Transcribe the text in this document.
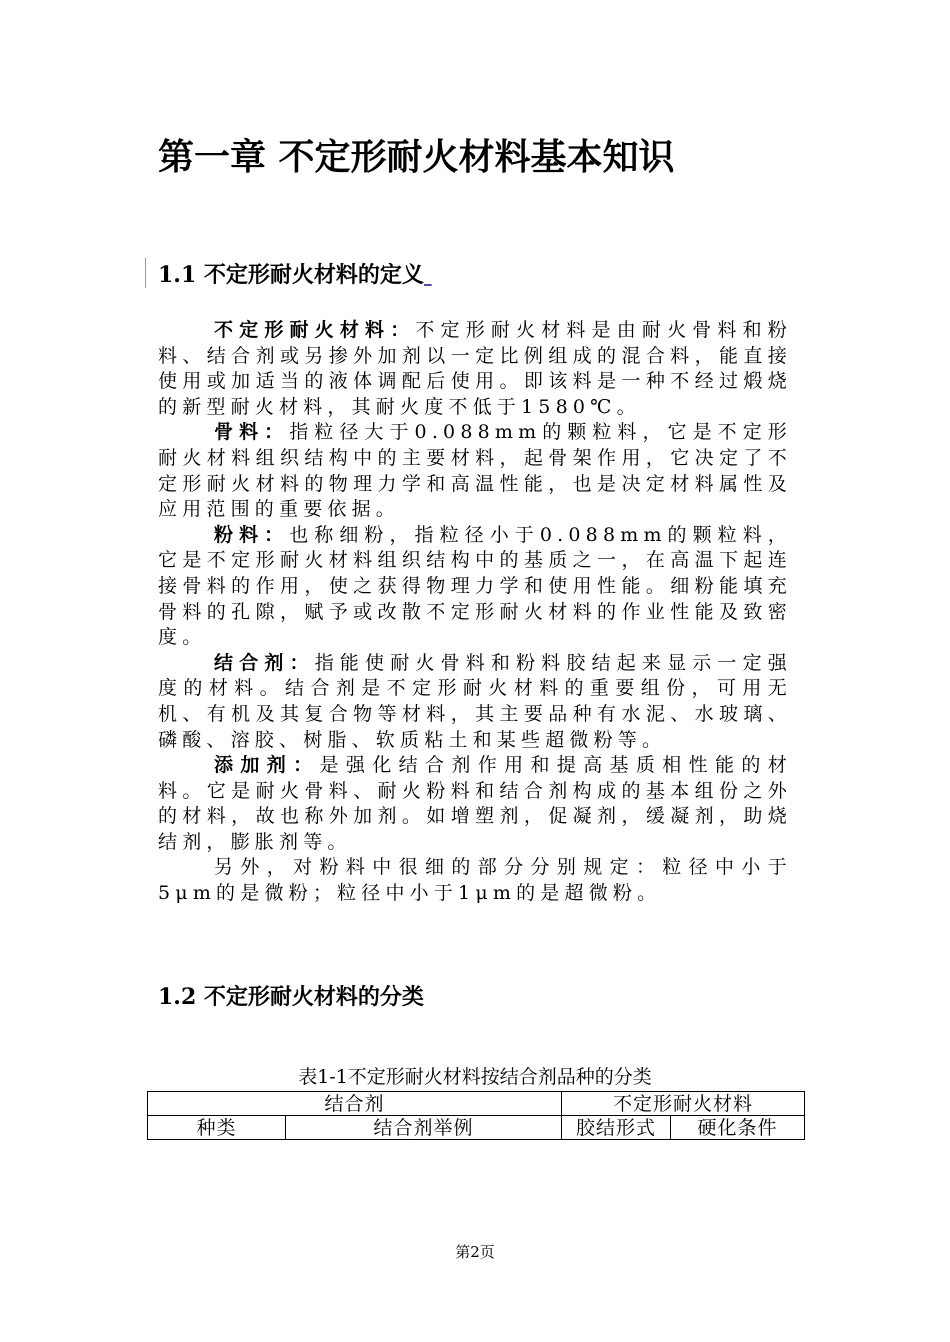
第一章 不定形耐火材料基本知识
1.1 不定形耐火材料的定义

不定形耐火材料：不定形耐火材料是由耐火骨料和粉料、结合剂或另掺外加剂以一定比例组成的混合料，能直接使用或加适当的液体调配后使用。即该料是一种不经过煅烧的新型耐火材料，其耐火度不低于1580℃。

骨料：指粒径大于0.088mm的颗粒料，它是不定形耐火材料组织结构中的主要材料，起骨架作用，它决定了不定形耐火材料的物理力学和高温性能，也是决定材料属性及应用范围的重要依据。

粉料：也称细粉，指粒径小于0.088mm的颗粒料，它是不定形耐火材料组织结构中的基质之一，在高温下起连接骨料的作用，使之获得物理力学和使用性能。细粉能填充骨料的孔隙，赋予或改散不定形耐火材料的作业性能及致密度。

结合剂：指能使耐火骨料和粉料胶结起来显示一定强度的材料。结合剂是不定形耐火材料的重要组份，可用无机、有机及其复合物等材料，其主要品种有水泥、水玻璃、磷酸、溶胶、树脂、软质粘土和某些超微粉等。

添加剂：是强化结合剂作用和提高基质相性能的材料。它是耐火骨料、耐火粉料和结合剂构成的基本组份之外的材料，故也称外加剂。如增塑剂，促凝剂，缓凝剂，助烧结剂，膨胀剂等。

另外，对粉料中很细的部分分别规定：粒径中小于5μm的是微粉；粒径中小于1μm的是超微粉。

1.2 不定形耐火材料的分类
表1-1不定形耐火材料按结合剂品种的分类
结合剂		不定形耐火材料	
种类	结合剂举例	胶结形式	硬化条件
第2页
